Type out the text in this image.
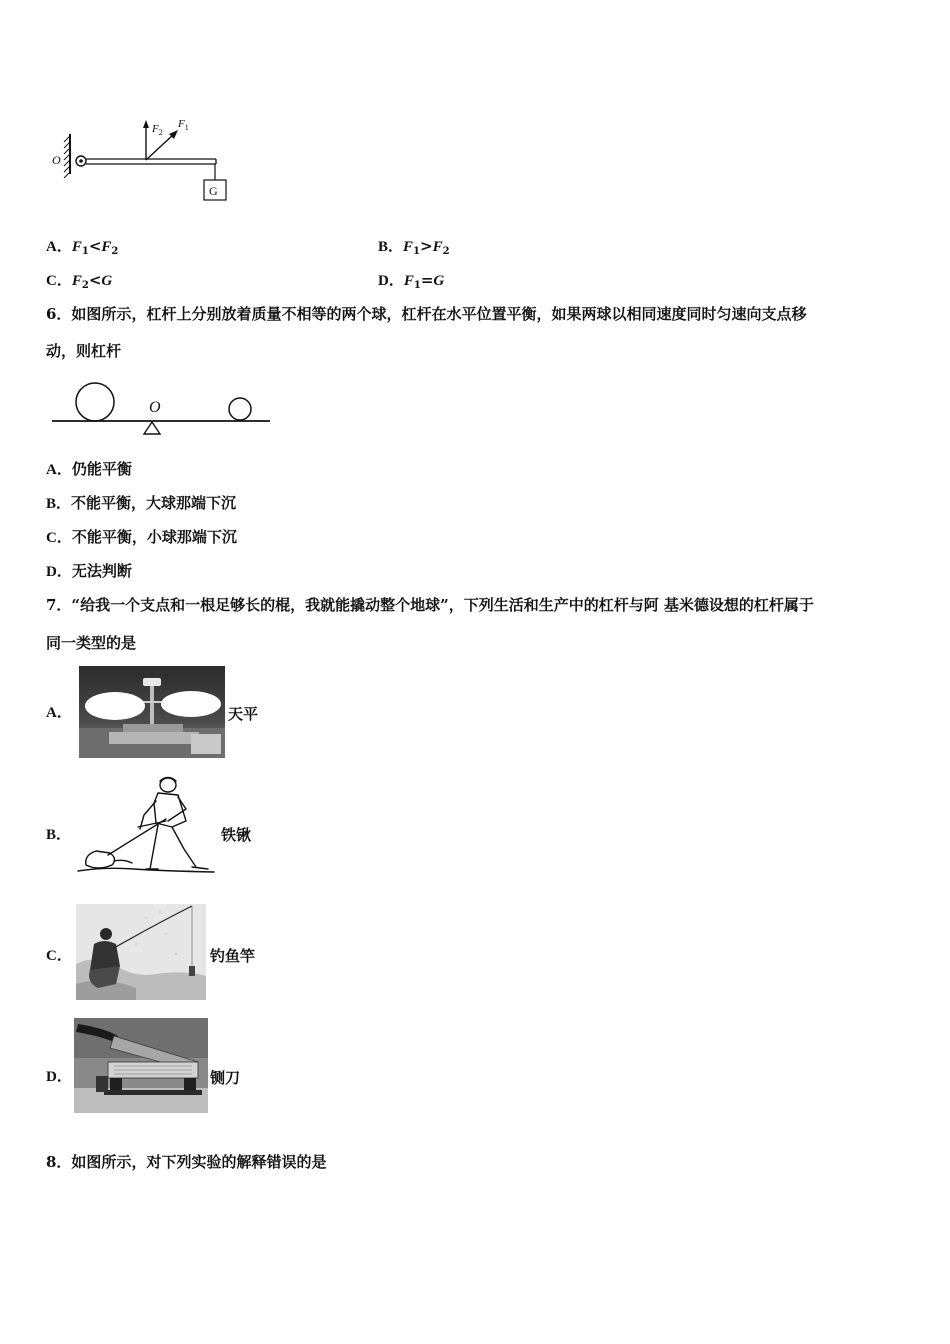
O
G
$F_2$
$F_1$
A．$F_1<F_2$	B．$F_1>F_2$
C．$F_2<G$	D．$F_1=G$
6．如图所示，杠杆上分别放着质量不相等的两个球，杠杆在水平位置平衡，如果两球以相同速度同时匀速向支点移
动，则杠杆
O
A．仍能平衡
B．不能平衡，大球那端下沉
C．不能平衡，小球那端下沉
D．无法判断
7．“给我一个支点和一根足够长的棍，我就能撬动整个地球”，下列生活和生产中的杠杆与阿 基米德设想的杠杆属于
同一类型的是
A．	天平
B．	铁锹
C．	钓鱼竿
D．	铡刀
8．如图所示，对下列实验的解释错误的是
